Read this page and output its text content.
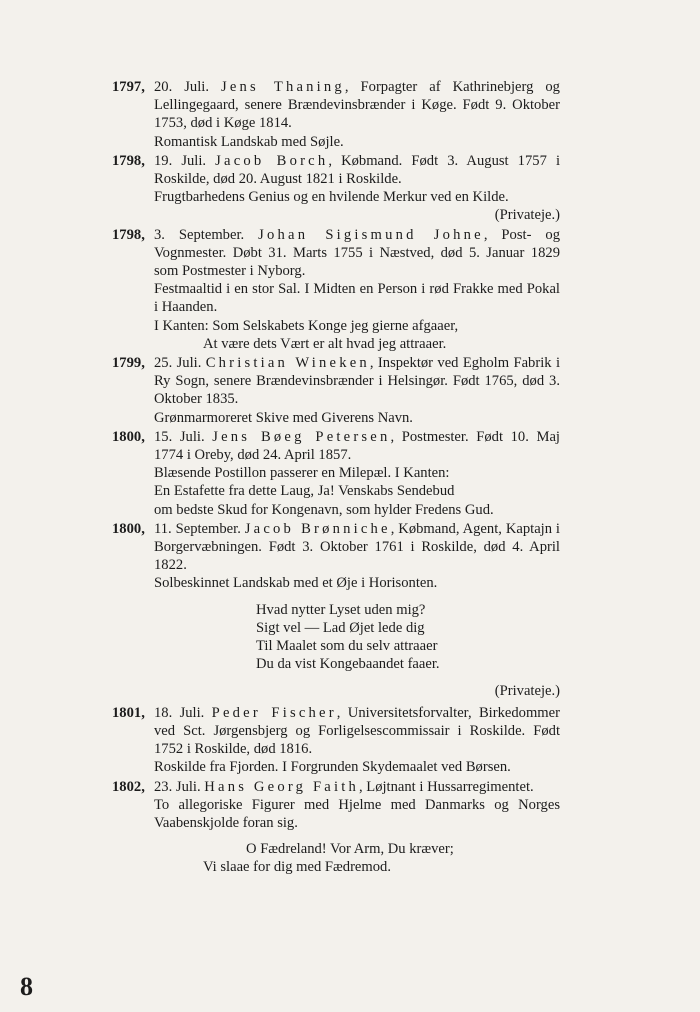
1797, 20. Juli. Jens Thaning, Forpagter af Kathrinebjerg og Lellingegaard, senere Brændevinsbrænder i Køge. Født 9. Oktober 1753, død i Køge 1814.
Romantisk Landskab med Søjle.
1798, 19. Juli. Jacob Borch, Købmand. Født 3. August 1757 i Roskilde, død 20. August 1821 i Roskilde.
Frugtbarhedens Genius og en hvilende Merkur ved en Kilde.
(Privateje.)
1798, 3. September. Johan Sigismund Johne, Post- og Vognmester. Døbt 31. Marts 1755 i Næstved, død 5. Januar 1829 som Postmester i Nyborg.
Festmaaltid i en stor Sal. I Midten en Person i rød Frakke med Pokal i Haanden.
I Kanten: Som Selskabets Konge jeg gierne afgaaer,
At være dets Vært er alt hvad jeg attraaer.
1799, 25. Juli. Christian Wineken, Inspektør ved Egholm Fabrik i Ry Sogn, senere Brændevinsbrænder i Helsingør. Født 1765, død 3. Oktober 1835.
Grønmarmoreret Skive med Giverens Navn.
1800, 15. Juli. Jens Bøeg Petersen, Postmester. Født 10. Maj 1774 i Oreby, død 24. April 1857.
Blæsende Postillon passerer en Milepæl. I Kanten:
En Estafette fra dette Laug, Ja! Venskabs Sendebud
om bedste Skud for Kongenavn, som hylder Fredens Gud.
1800, 11. September. Jacob Brønniche, Købmand, Agent, Kaptajn i Borgervæbningen. Født 3. Oktober 1761 i Roskilde, død 4. April 1822.
Solbeskinnet Landskab med et Øje i Horisonten.
Hvad nytter Lyset uden mig?
Sigt vel — Lad Øjet lede dig
Til Maalet som du selv attraaer
Du da vist Kongebaandet faaer.
(Privateje.)
1801, 18. Juli. Peder Fischer, Universitetsforvalter, Birkedommer ved Sct. Jørgensbjerg og Forligelsescommissair i Roskilde. Født 1752 i Roskilde, død 1816.
Roskilde fra Fjorden. I Forgrunden Skydemaalet ved Børsen.
1802, 23. Juli. Hans Georg Faith, Løjtnant i Hussarregimentet.
To allegoriske Figurer med Hjelme med Danmarks og Norges Vaabenskjolde foran sig.
O Fædreland! Vor Arm, Du kræver;
Vi slaae for dig med Fædremod.
8
